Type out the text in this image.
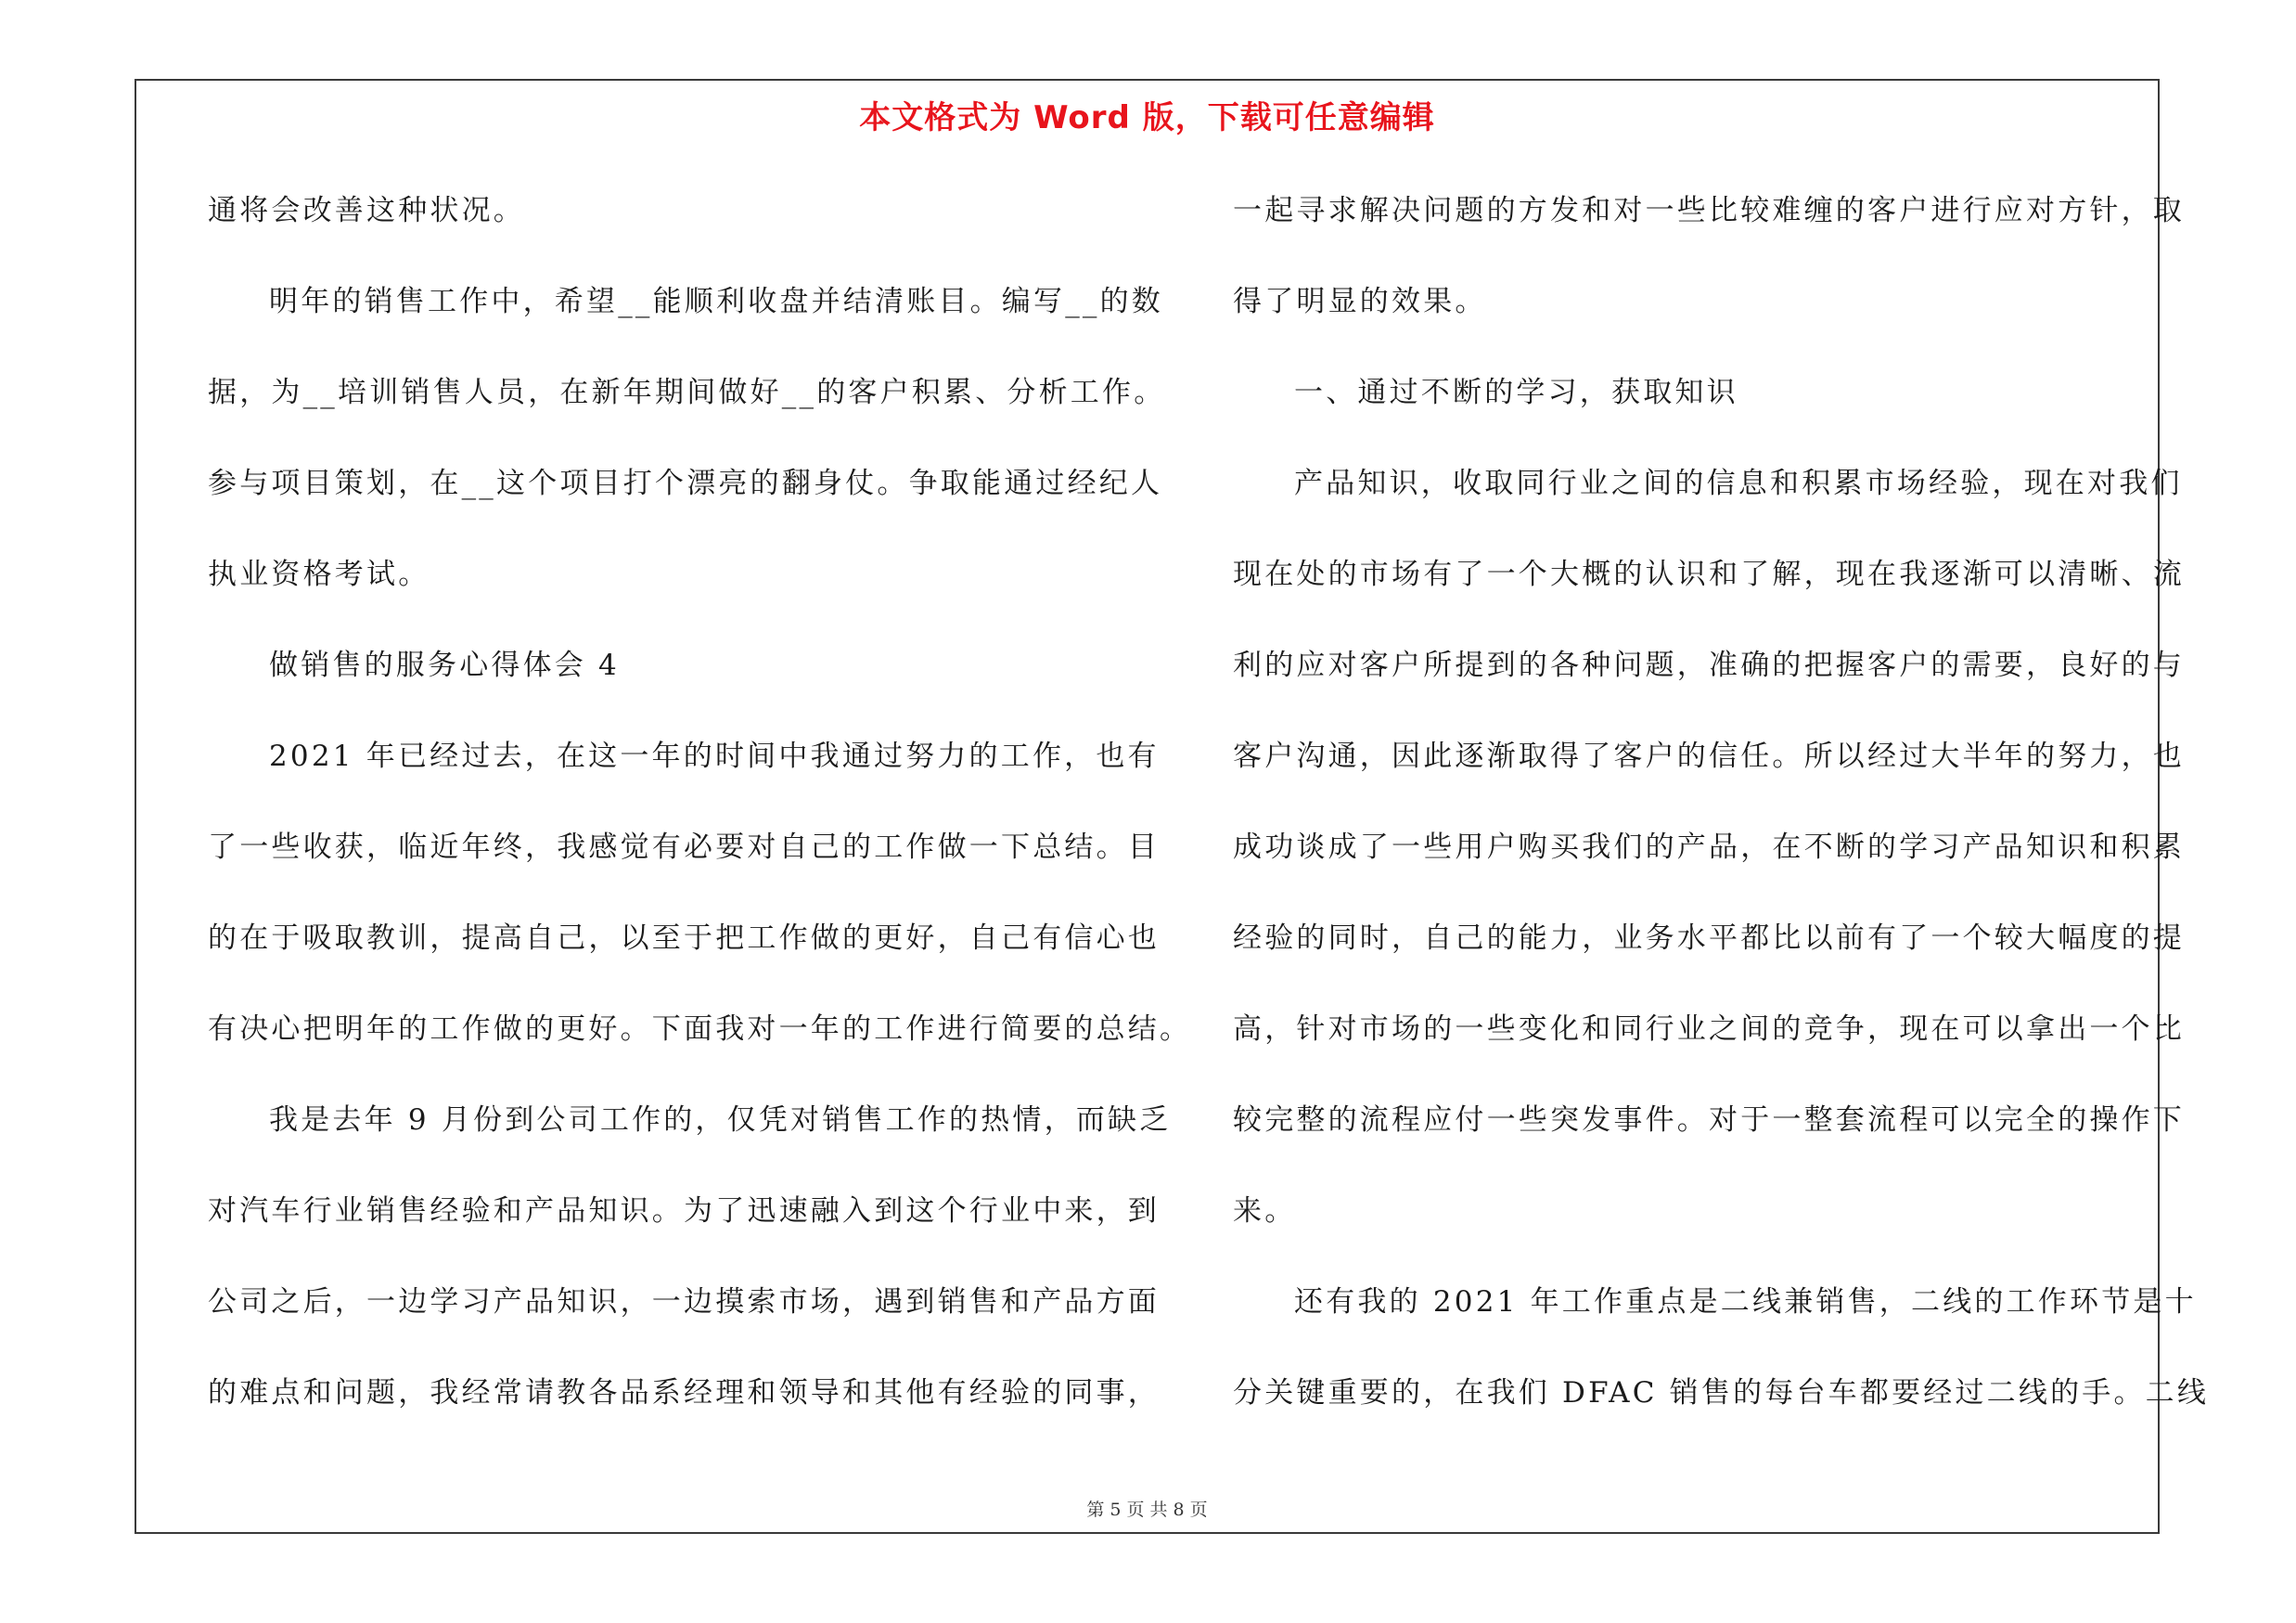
本文格式为 Word 版，下载可任意编辑
通将会改善这种状况。
明年的销售工作中，希望__能顺利收盘并结清账目。编写__的数
据，为__培训销售人员，在新年期间做好__的客户积累、分析工作。
参与项目策划，在__这个项目打个漂亮的翻身仗。争取能通过经纪人
执业资格考试。
做销售的服务心得体会 4
2021 年已经过去，在这一年的时间中我通过努力的工作，也有
了一些收获，临近年终，我感觉有必要对自己的工作做一下总结。目
的在于吸取教训，提高自己，以至于把工作做的更好，自己有信心也
有决心把明年的工作做的更好。下面我对一年的工作进行简要的总结。
我是去年 9 月份到公司工作的，仅凭对销售工作的热情，而缺乏
对汽车行业销售经验和产品知识。为了迅速融入到这个行业中来，到
公司之后，一边学习产品知识，一边摸索市场，遇到销售和产品方面
的难点和问题，我经常请教各品系经理和领导和其他有经验的同事，
一起寻求解决问题的方发和对一些比较难缠的客户进行应对方针，取
得了明显的效果。
一、通过不断的学习，获取知识
产品知识，收取同行业之间的信息和积累市场经验，现在对我们
现在处的市场有了一个大概的认识和了解，现在我逐渐可以清晰、流
利的应对客户所提到的各种问题，准确的把握客户的需要，良好的与
客户沟通，因此逐渐取得了客户的信任。所以经过大半年的努力，也
成功谈成了一些用户购买我们的产品，在不断的学习产品知识和积累
经验的同时，自己的能力，业务水平都比以前有了一个较大幅度的提
高，针对市场的一些变化和同行业之间的竞争，现在可以拿出一个比
较完整的流程应付一些突发事件。对于一整套流程可以完全的操作下
来。
还有我的 2021 年工作重点是二线兼销售，二线的工作环节是十
分关键重要的，在我们 DFAC 销售的每台车都要经过二线的手。二线
第 5 页 共 8 页
